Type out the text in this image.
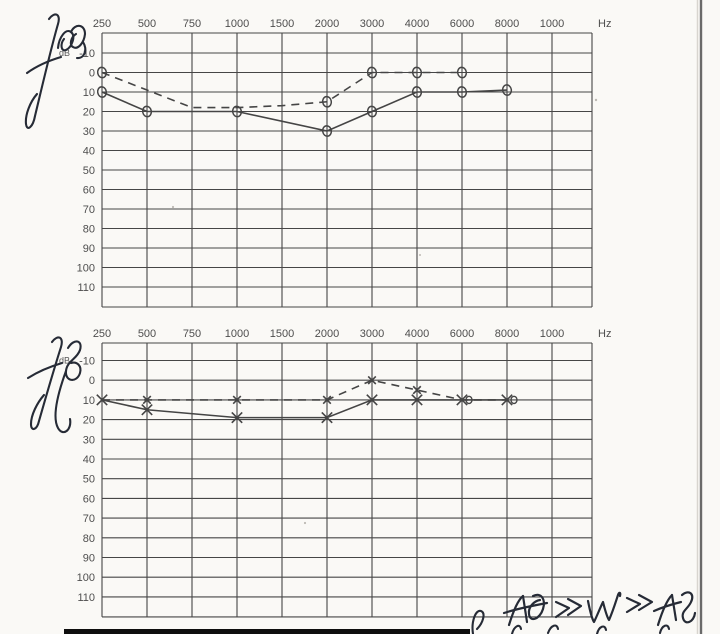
250 500 750 1000 1500 2000 3000 4000 6000 8000 1000	Hz
-10
0
10
20
30
40
50
60
70
80
90
100
110
dB
250 500 750 1000 1500 2000 3000 4000 6000 8000 1000	Hz
-10
0
10
20
30
40
50
60
70
80
90
100
110
dB
